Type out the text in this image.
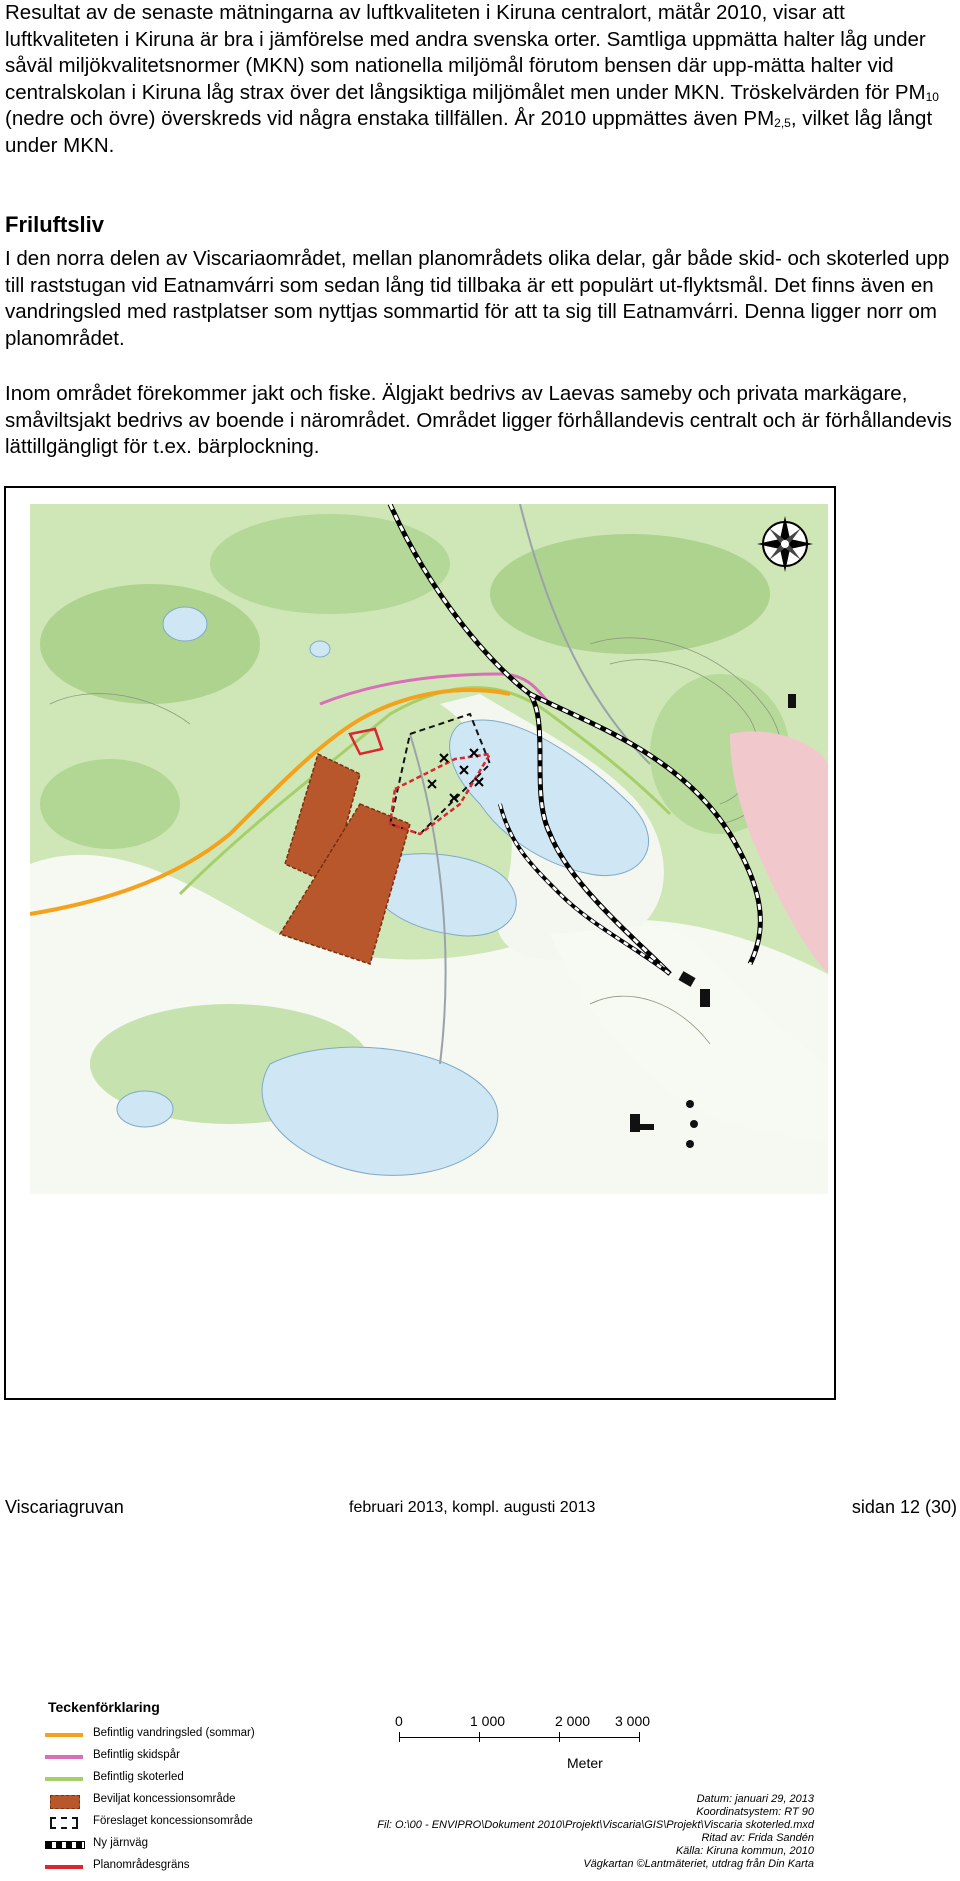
Resultat av de senaste mätningarna av luftkvaliteten i Kiruna centralort, mätår 2010, visar att luftkvaliteten i Kiruna är bra i jämförelse med andra svenska orter. Samtliga uppmätta halter låg under såväl miljökvalitetsnormer (MKN) som nationella miljömål förutom bensen där upp-mätta halter vid centralskolan i Kiruna låg strax över det långsiktiga miljömålet men under MKN. Tröskelvärden för $PM_{10}$ (nedre och övre) överskreds vid några enstaka tillfällen. År 2010 uppmättes även $PM_{2,5}$, vilket låg långt under MKN.

Friluftsliv

I den norra delen av Viscariaområdet, mellan planområdets olika delar, går både skid- och skoterled upp till raststugan vid Eatnamvárri som sedan lång tid tillbaka är ett populärt ut-flyktsmål. Det finns även en vandringsled med rastplatser som nyttjas sommartid för att ta sig till Eatnamvárri. Denna ligger norr om planområdet.

Inom området förekommer jakt och fiske. Älgjakt bedrivs av Laevas sameby och privata markägare, småviltsjakt bedrivs av boende i närområdet. Området ligger förhållandevis centralt och är förhållandevis lättillgängligt för t.ex. bärplockning.

Teckenförklaring
Befintlig vandringsled (sommar)
Befintlig skidspår
Befintlig skoterled
Beviljat koncessionsområde
Föreslaget koncessionsområde
Ny järnväg
Planområdesgräns
0	1 000	2 000 3 000
Meter
Datum: januari 29, 2013
Koordinatsystem: RT 90
Fil: O:\00 - ENVIPRO\Dokument 2010\Projekt\Viscaria\GIS\Projekt\Viscaria skoterled.mxd
Ritad av: Frida Sandén
Källa: Kiruna kommun, 2010
Vägkartan ©Lantmäteriet, utdrag från Din Karta
Viscariagruvan	februari 2013, kompl. augusti 2013	sidan 12 (30)
